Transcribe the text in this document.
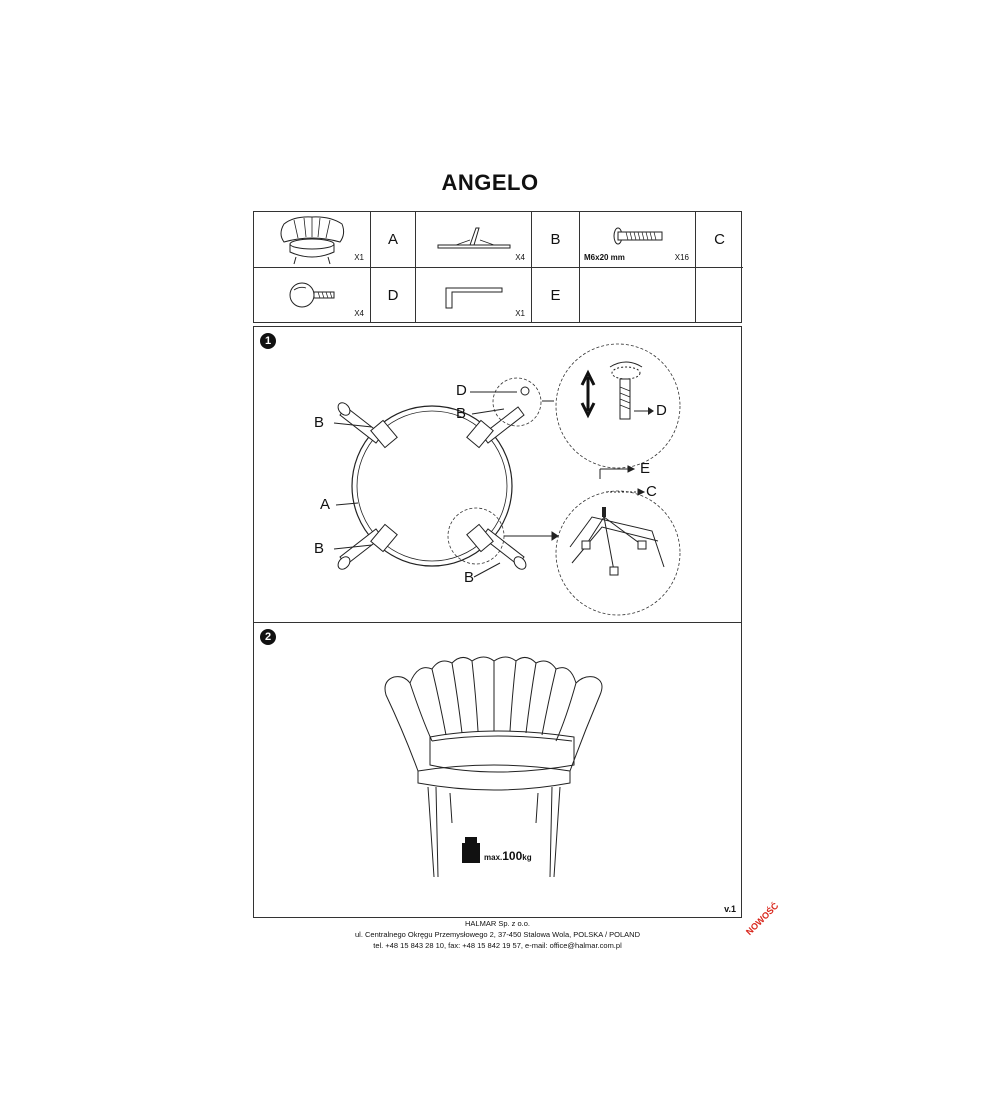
ANGELO
X1
A
X4
B
M6x20 mm	X16
C
X4
D
X1
E
1
B
D
B
A
B
B
D
E
C
2
max.100kg
v.1
HALMAR Sp. z o.o.
ul. Centralnego Okręgu Przemysłowego 2, 37-450 Stalowa Wola, POLSKA / POLAND
tel. +48 15 843 28 10, fax: +48 15 842 19 57, e-mail: office@halmar.com.pl
NOWOŚĆ
